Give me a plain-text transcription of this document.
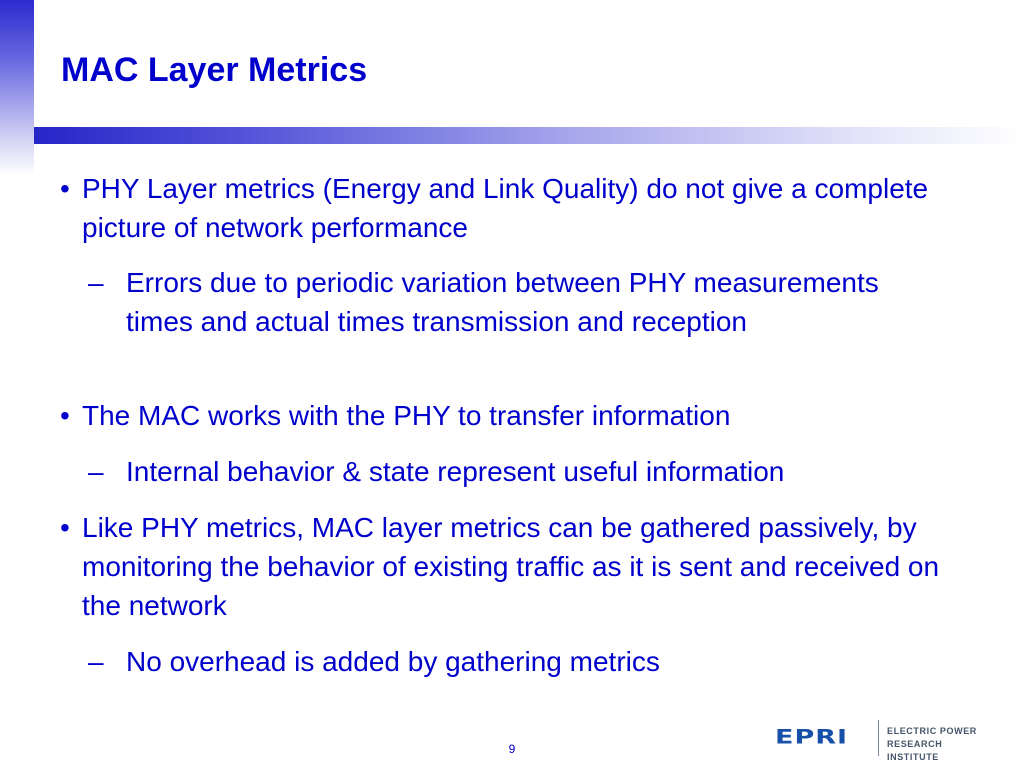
MAC Layer Metrics

• PHY Layer metrics (Energy and Link Quality) do not give a complete picture of network performance

– Errors due to periodic variation between PHY measurements times and actual times transmission and reception

• The MAC works with the PHY to transfer information

– Internal behavior & state represent useful information

• Like PHY metrics, MAC layer metrics can be gathered passively, by monitoring the behavior of existing traffic as it is sent and received on the network

– No overhead is added by gathering metrics

9
EPRI	ELECTRIC POWER
RESEARCH INSTITUTE
